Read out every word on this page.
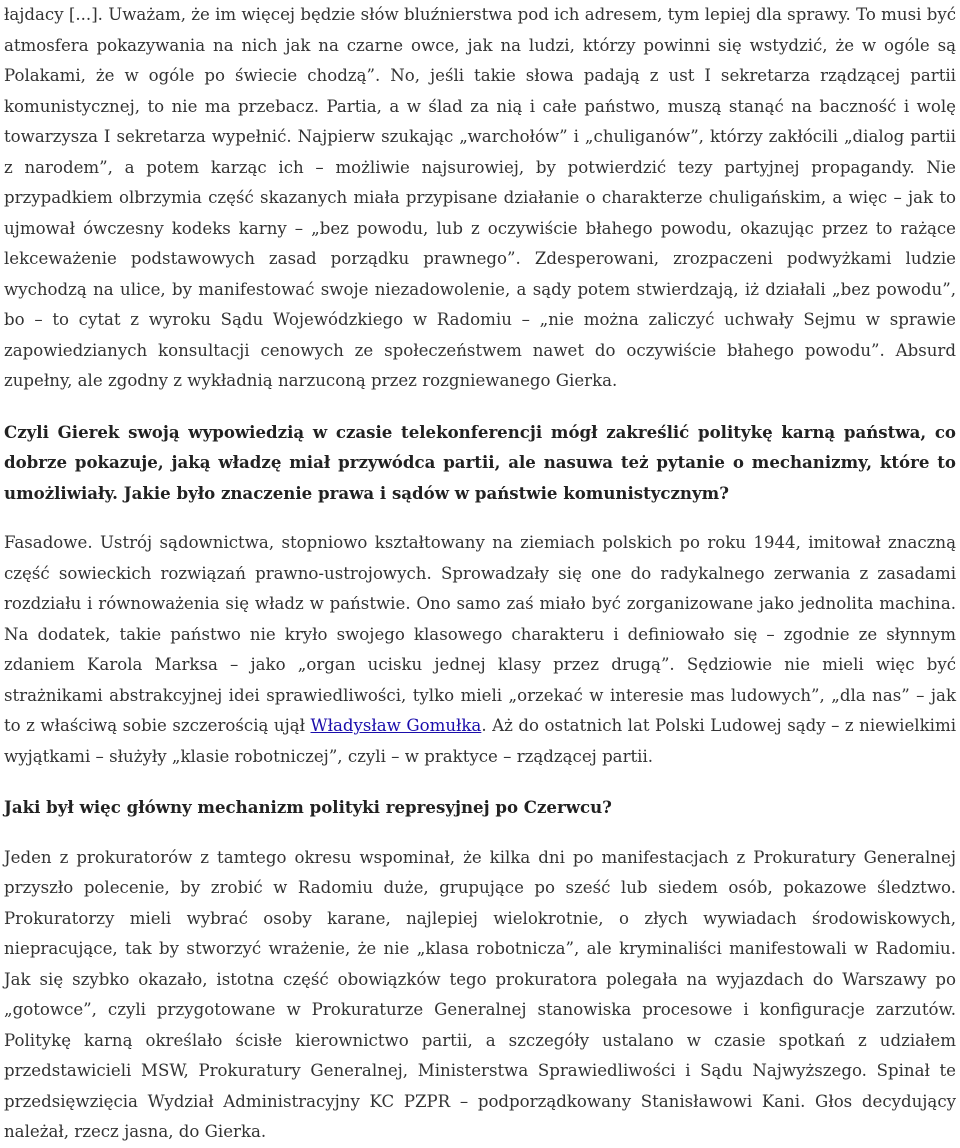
łajdacy [...]. Uważam, że im więcej będzie słów bluźnierstwa pod ich adresem, tym lepiej dla sprawy. To musi być atmosfera pokazywania na nich jak na czarne owce, jak na ludzi, którzy powinni się wstydzić, że w ogóle są Polakami, że w ogóle po świecie chodzą”. No, jeśli takie słowa padają z ust I sekretarza rządzącej partii komunistycznej, to nie ma przebacz. Partia, a w ślad za nią i całe państwo, muszą stanąć na baczność i wolę towarzysza I sekretarza wypełnić. Najpierw szukając „warchołów” i „chuliganów”, którzy zakłócili „dialog partii z narodem”, a potem karząc ich – możliwie najsurowiej, by potwierdzić tezy partyjnej propagandy. Nie przypadkiem olbrzymia część skazanych miała przypisane działanie o charakterze chuligańskim, a więc – jak to ujmował ówczesny kodeks karny – „bez powodu, lub z oczywiście błahego powodu, okazując przez to rażące lekceważenie podstawowych zasad porządku prawnego”. Zdesperowani, zrozpaczeni podwyżkami ludzie wychodzą na ulice, by manifestować swoje niezadowolenie, a sądy potem stwierdzają, iż działali „bez powodu”, bo – to cytat z wyroku Sądu Wojewódzkiego w Radomiu – „nie można zaliczyć uchwały Sejmu w sprawie zapowiedzianych konsultacji cenowych ze społeczeństwem nawet do oczywiście błahego powodu”. Absurd zupełny, ale zgodny z wykładnią narzuconą przez rozgniewanego Gierka.

Czyli Gierek swoją wypowiedzią w czasie telekonferencji mógł zakreślić politykę karną państwa, co dobrze pokazuje, jaką władzę miał przywódca partii, ale nasuwa też pytanie o mechanizmy, które to umożliwiały. Jakie było znaczenie prawa i sądów w państwie komunistycznym?

Fasadowe. Ustrój sądownictwa, stopniowo kształtowany na ziemiach polskich po roku 1944, imitował znaczną część sowieckich rozwiązań prawno-ustrojowych. Sprowadzały się one do radykalnego zerwania z zasadami rozdziału i równoważenia się władz w państwie. Ono samo zaś miało być zorganizowane jako jednolita machina. Na dodatek, takie państwo nie kryło swojego klasowego charakteru i definiowało się – zgodnie ze słynnym zdaniem Karola Marksa – jako „organ ucisku jednej klasy przez drugą”. Sędziowie nie mieli więc być strażnikami abstrakcyjnej idei sprawiedliwości, tylko mieli „orzekać w interesie mas ludowych”, „dla nas” – jak to z właściwą sobie szczerością ujął Władysław Gomułka. Aż do ostatnich lat Polski Ludowej sądy – z niewielkimi wyjątkami – służyły „klasie robotniczej”, czyli – w praktyce – rządzącej partii.

Jaki był więc główny mechanizm polityki represyjnej po Czerwcu?

Jeden z prokuratorów z tamtego okresu wspominał, że kilka dni po manifestacjach z Prokuratury Generalnej przyszło polecenie, by zrobić w Radomiu duże, grupujące po sześć lub siedem osób, pokazowe śledztwo. Prokuratorzy mieli wybrać osoby karane, najlepiej wielokrotnie, o złych wywiadach środowiskowych, niepracujące, tak by stworzyć wrażenie, że nie „klasa robotnicza”, ale kryminaliści manifestowali w Radomiu. Jak się szybko okazało, istotna część obowiązków tego prokuratora polegała na wyjazdach do Warszawy po „gotowce”, czyli przygotowane w Prokuraturze Generalnej stanowiska procesowe i konfiguracje zarzutów. Politykę karną określało ścisłe kierownictwo partii, a szczegóły ustalano w czasie spotkań z udziałem przedstawicieli MSW, Prokuratury Generalnej, Ministerstwa Sprawiedliwości i Sądu Najwyższego. Spinał te przedsięwzięcia Wydział Administracyjny KC PZPR – podporządkowany Stanisławowi Kani. Głos decydujący należał, rzecz jasna, do Gierka.
